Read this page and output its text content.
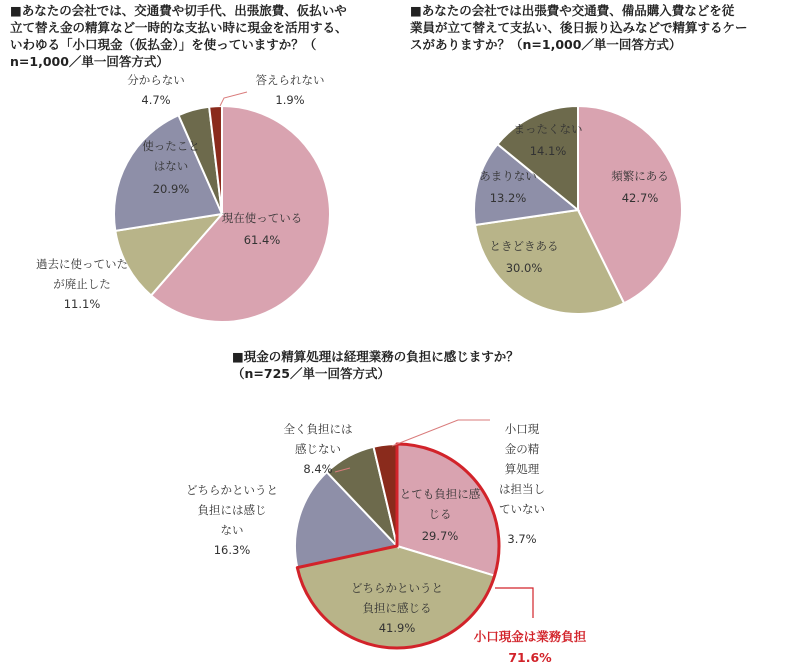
■あなたの会社では、交通費や切手代、出張旅費、仮払いや
立て替え金の精算など一時的な支払い時に現金を活用する、
いわゆる「小口現金（仮払金）」を使っていますか？（
n=1,000／単一回答方式）
■あなたの会社では出張費や交通費、備品購入費などを従
業員が立て替えて支払い、後日振り込みなどで精算するケー
スがありますか？（n=1,000／単一回答方式）
■現金の精算処理は経理業務の負担に感じますか？
（n=725／単一回答方式）
現在使っている
61.4%
過去に使っていたが廃止した
11.1%
使ったことはない
20.9%
分からない
4.7%
答えられない
1.9%
頻繁にある
42.7%
ときどきある
30.0%
あまりない
13.2%
まったくない
14.1%
とても負担に感じる
29.7%
どちらかというと負担に感じる
41.9%
どちらかというと負担には感じない
16.3%
全く負担には感じない
8.4%
小口現金の精算処理は担当していない
3.7%
小口現金は業務負担
71.6%
